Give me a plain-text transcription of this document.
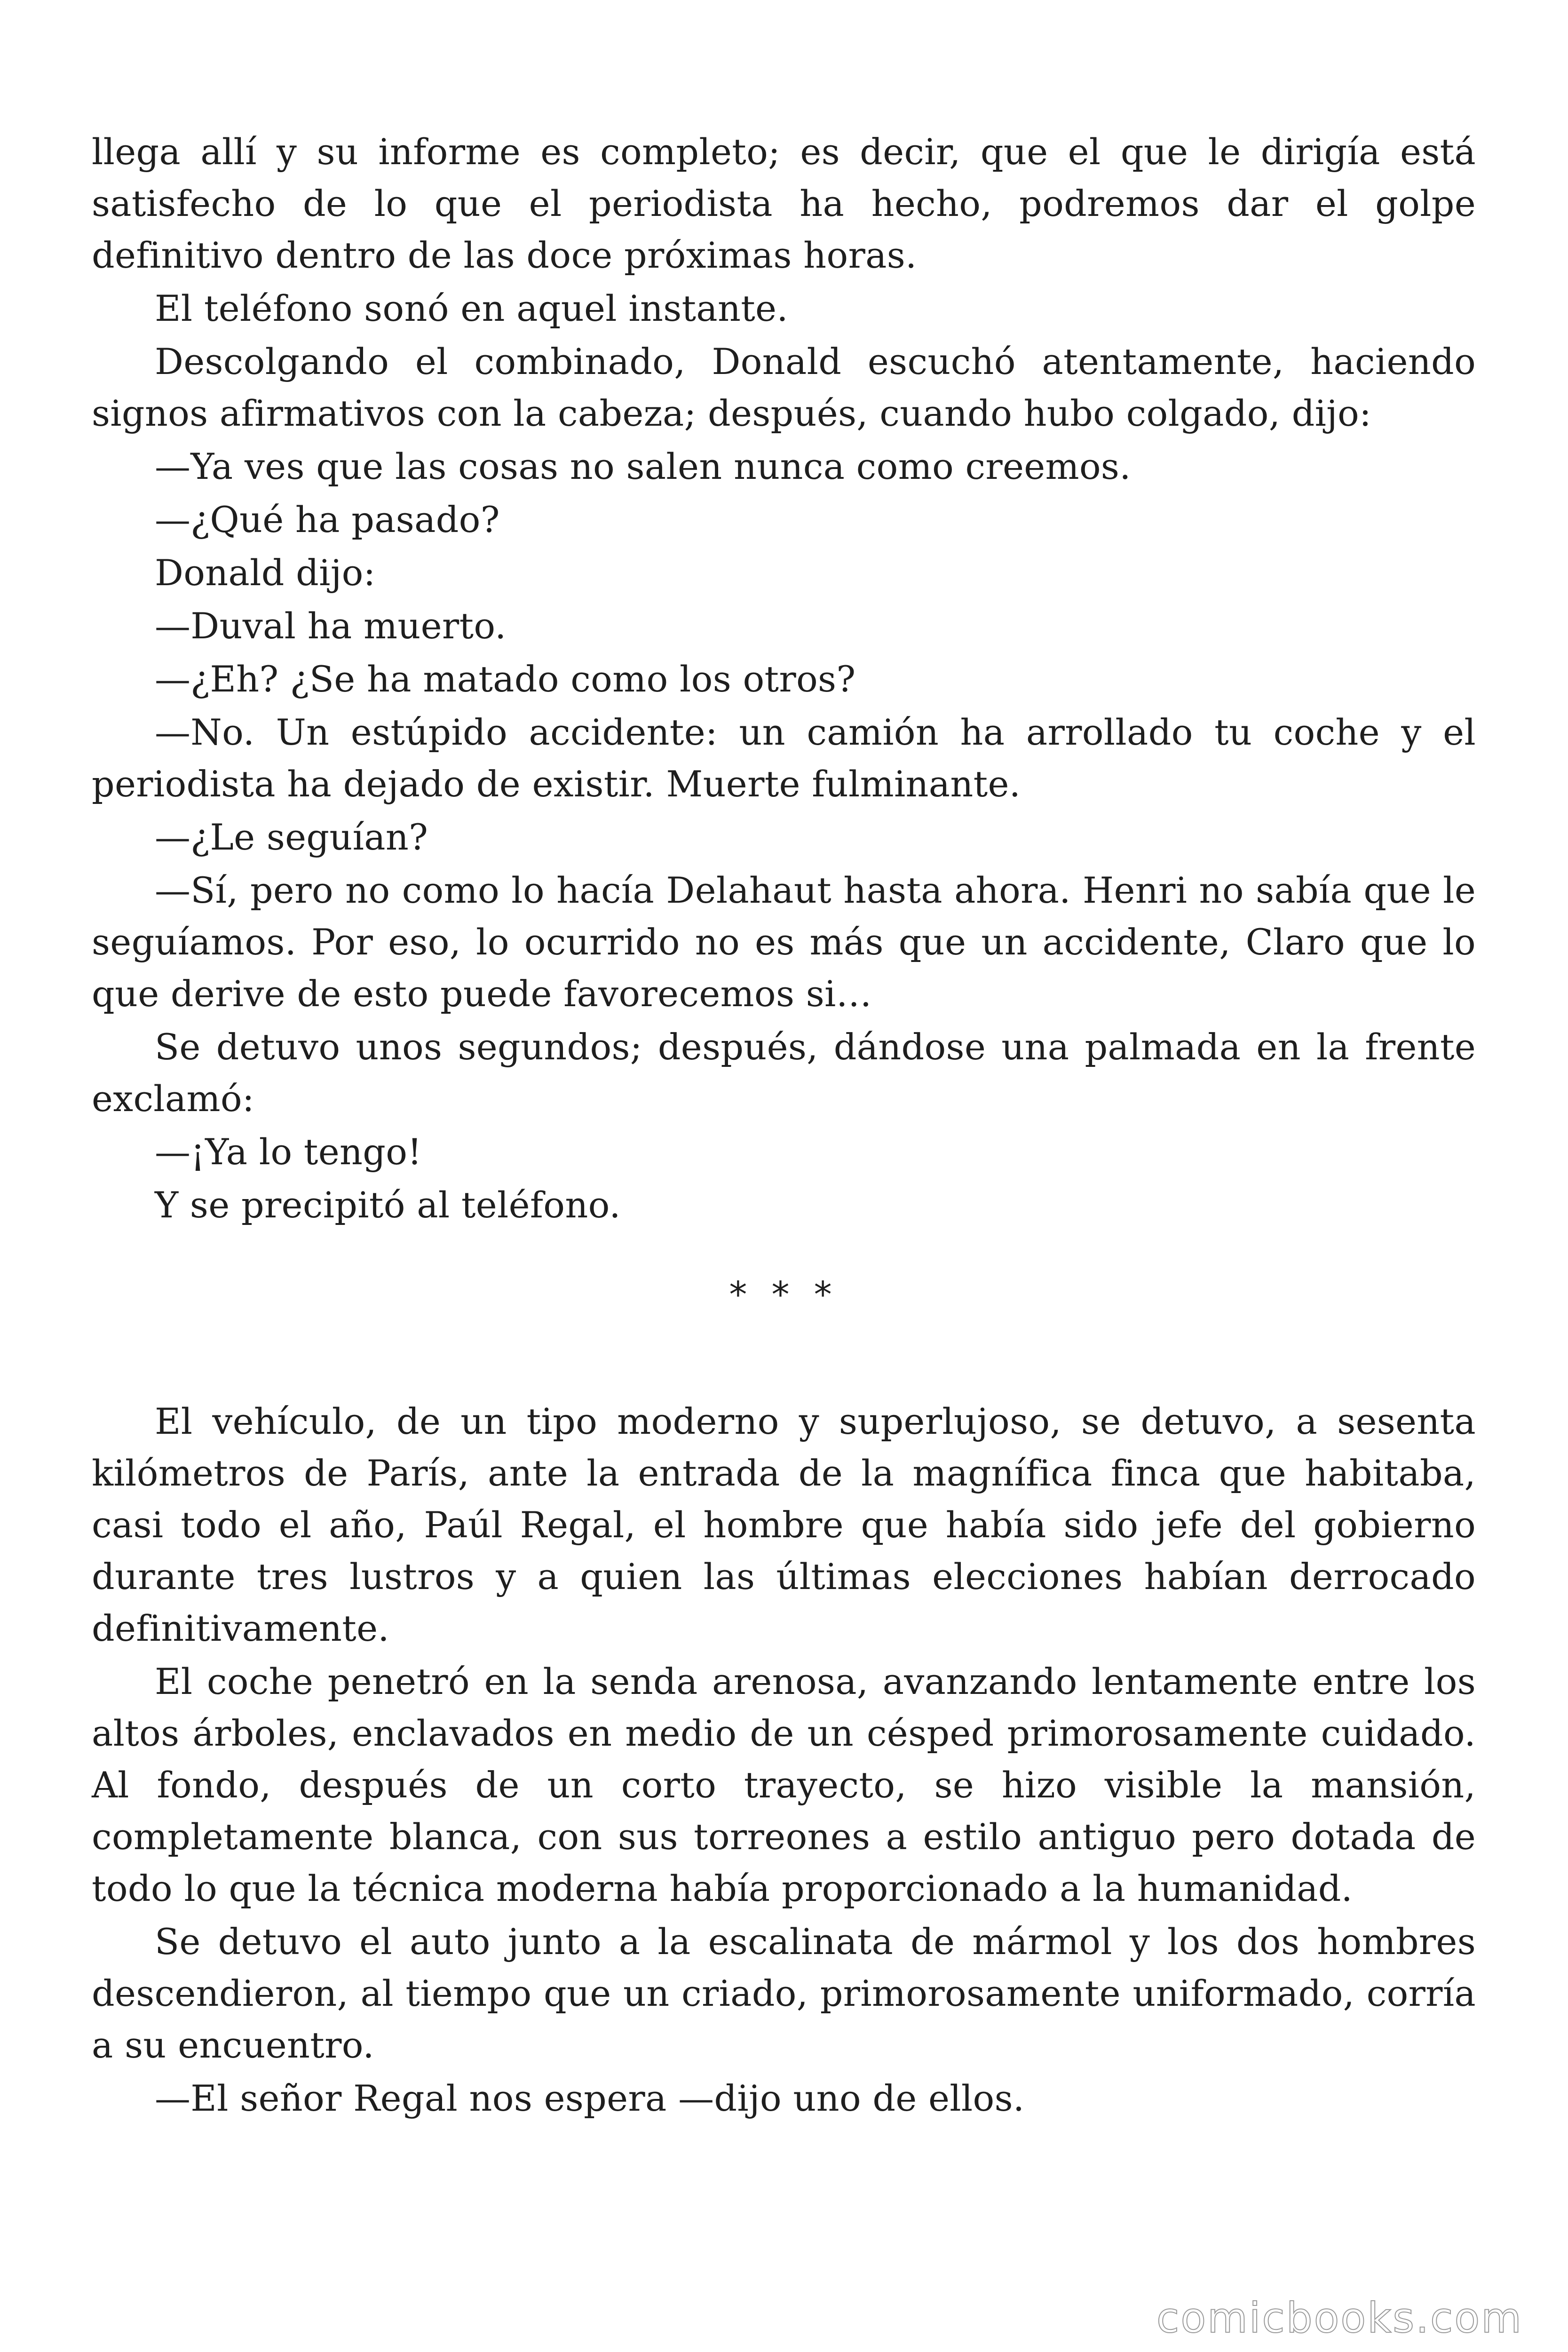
llega allí y su informe es completo; es decir, que el que le dirigía está satisfecho de lo que el periodista ha hecho, podremos dar el golpe definitivo dentro de las doce próximas horas.

El teléfono sonó en aquel instante.

Descolgando el combinado, Donald escuchó atentamente, haciendo signos afirmativos con la cabeza; después, cuando hubo colgado, dijo:

—Ya ves que las cosas no salen nunca como creemos.

—¿Qué ha pasado?

Donald dijo:

—Duval ha muerto.

—¿Eh? ¿Se ha matado como los otros?

—No. Un estúpido accidente: un camión ha arrollado tu coche y el periodista ha dejado de existir. Muerte fulminante.

—¿Le seguían?

—Sí, pero no como lo hacía Delahaut hasta ahora. Henri no sabía que le seguíamos. Por eso, lo ocurrido no es más que un accidente, Claro que lo que derive de esto puede favorecemos si…

Se detuvo unos segundos; después, dándose una palmada en la frente exclamó:

—¡Ya lo tengo!

Y se precipitó al teléfono.

* * *

El vehículo, de un tipo moderno y superlujoso, se detuvo, a sesenta kilómetros de París, ante la entrada de la magnífica finca que habitaba, casi todo el año, Paúl Regal, el hombre que había sido jefe del gobierno durante tres lustros y a quien las últimas elecciones habían derrocado definitivamente.

El coche penetró en la senda arenosa, avanzando lentamente entre los altos árboles, enclavados en medio de un césped primorosamente cuidado. Al fondo, después de un corto trayecto, se hizo visible la mansión, completamente blanca, con sus torreones a estilo antiguo pero dotada de todo lo que la técnica moderna había proporcionado a la humanidad.

Se detuvo el auto junto a la escalinata de mármol y los dos hombres descendieron, al tiempo que un criado, primorosamente uniformado, corría a su encuentro.

—El señor Regal nos espera —dijo uno de ellos.

comicbooks.com
